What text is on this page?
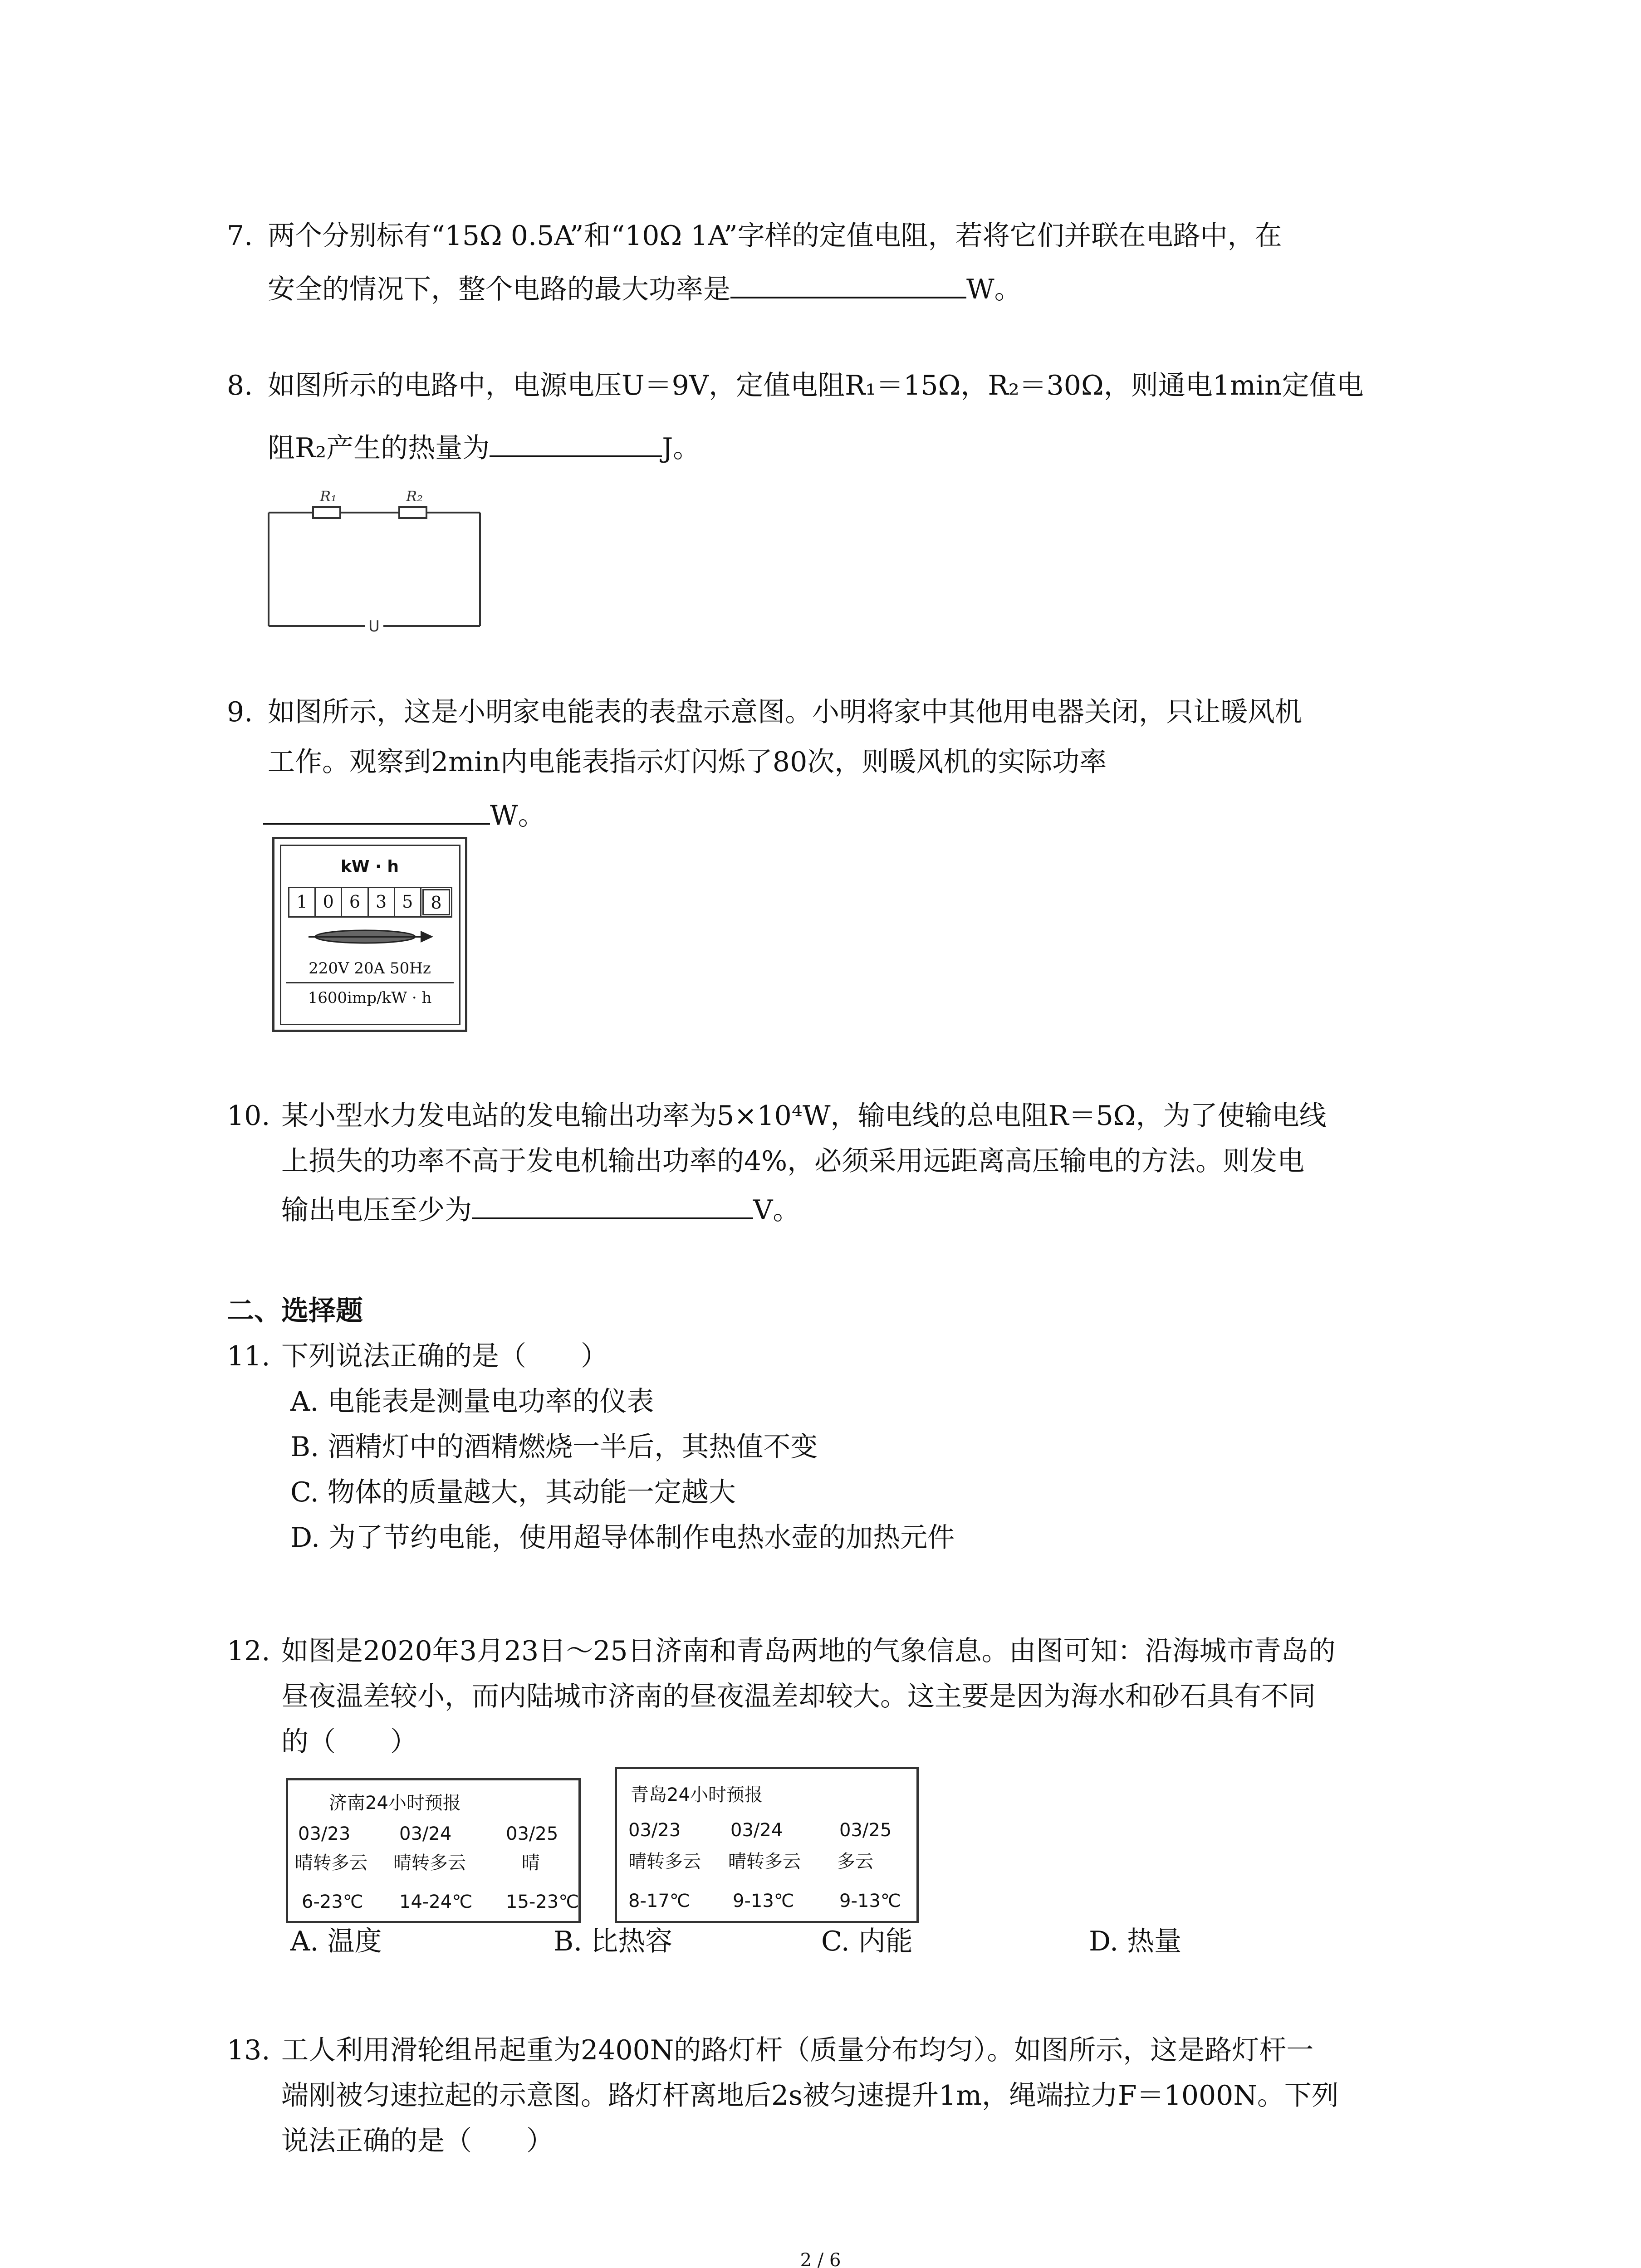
7. 两个分别标有“15Ω 0.5A”和“10Ω 1A”字样的定值电阻，若将它们并联在电路中，在
安全的情况下，整个电路的最大功率是	W。
8. 如图所示的电路中，电源电压U＝9V，定值电阻R₁＝15Ω，R₂＝30Ω，则通电1min定值电
阻R₂产生的热量为	J。
R₁	R₂
U
9. 如图所示，这是小明家电能表的表盘示意图。小明将家中其他用电器关闭，只让暖风机
工作。观察到2min内电能表指示灯闪烁了80次，则暖风机的实际功率
W。
kW · h
1 0 6 3 5	8
220V 20A 50Hz
1600imp/kW · h
10. 某小型水力发电站的发电输出功率为5×10⁴W，输电线的总电阻R＝5Ω，为了使输电线
上损失的功率不高于发电机输出功率的4%，必须采用远距离高压输电的方法。则发电
输出电压至少为	V。
二、选择题
11. 下列说法正确的是（　　）
A. 电能表是测量电功率的仪表
B. 酒精灯中的酒精燃烧一半后，其热值不变
C. 物体的质量越大，其动能一定越大
D. 为了节约电能，使用超导体制作电热水壶的加热元件
12. 如图是2020年3月23日～25日济南和青岛两地的气象信息。由图可知：沿海城市青岛的
昼夜温差较小，而内陆城市济南的昼夜温差却较大。这主要是因为海水和砂石具有不同
的（　　）
济南24小时预报
03/23	03/24	03/25
晴转多云 晴转多云	晴
6-23℃ 14-24℃ 15-23℃
青岛24小时预报
03/23	03/24	03/25
晴转多云 晴转多云 多云
8-17℃ 9-13℃ 9-13℃
A. 温度	B. 比热容	C. 内能	D. 热量
13. 工人利用滑轮组吊起重为2400N的路灯杆（质量分布均匀）。如图所示，这是路灯杆一
端刚被匀速拉起的示意图。路灯杆离地后2s被匀速提升1m，绳端拉力F＝1000N。下列
说法正确的是（　　）
2 / 6
